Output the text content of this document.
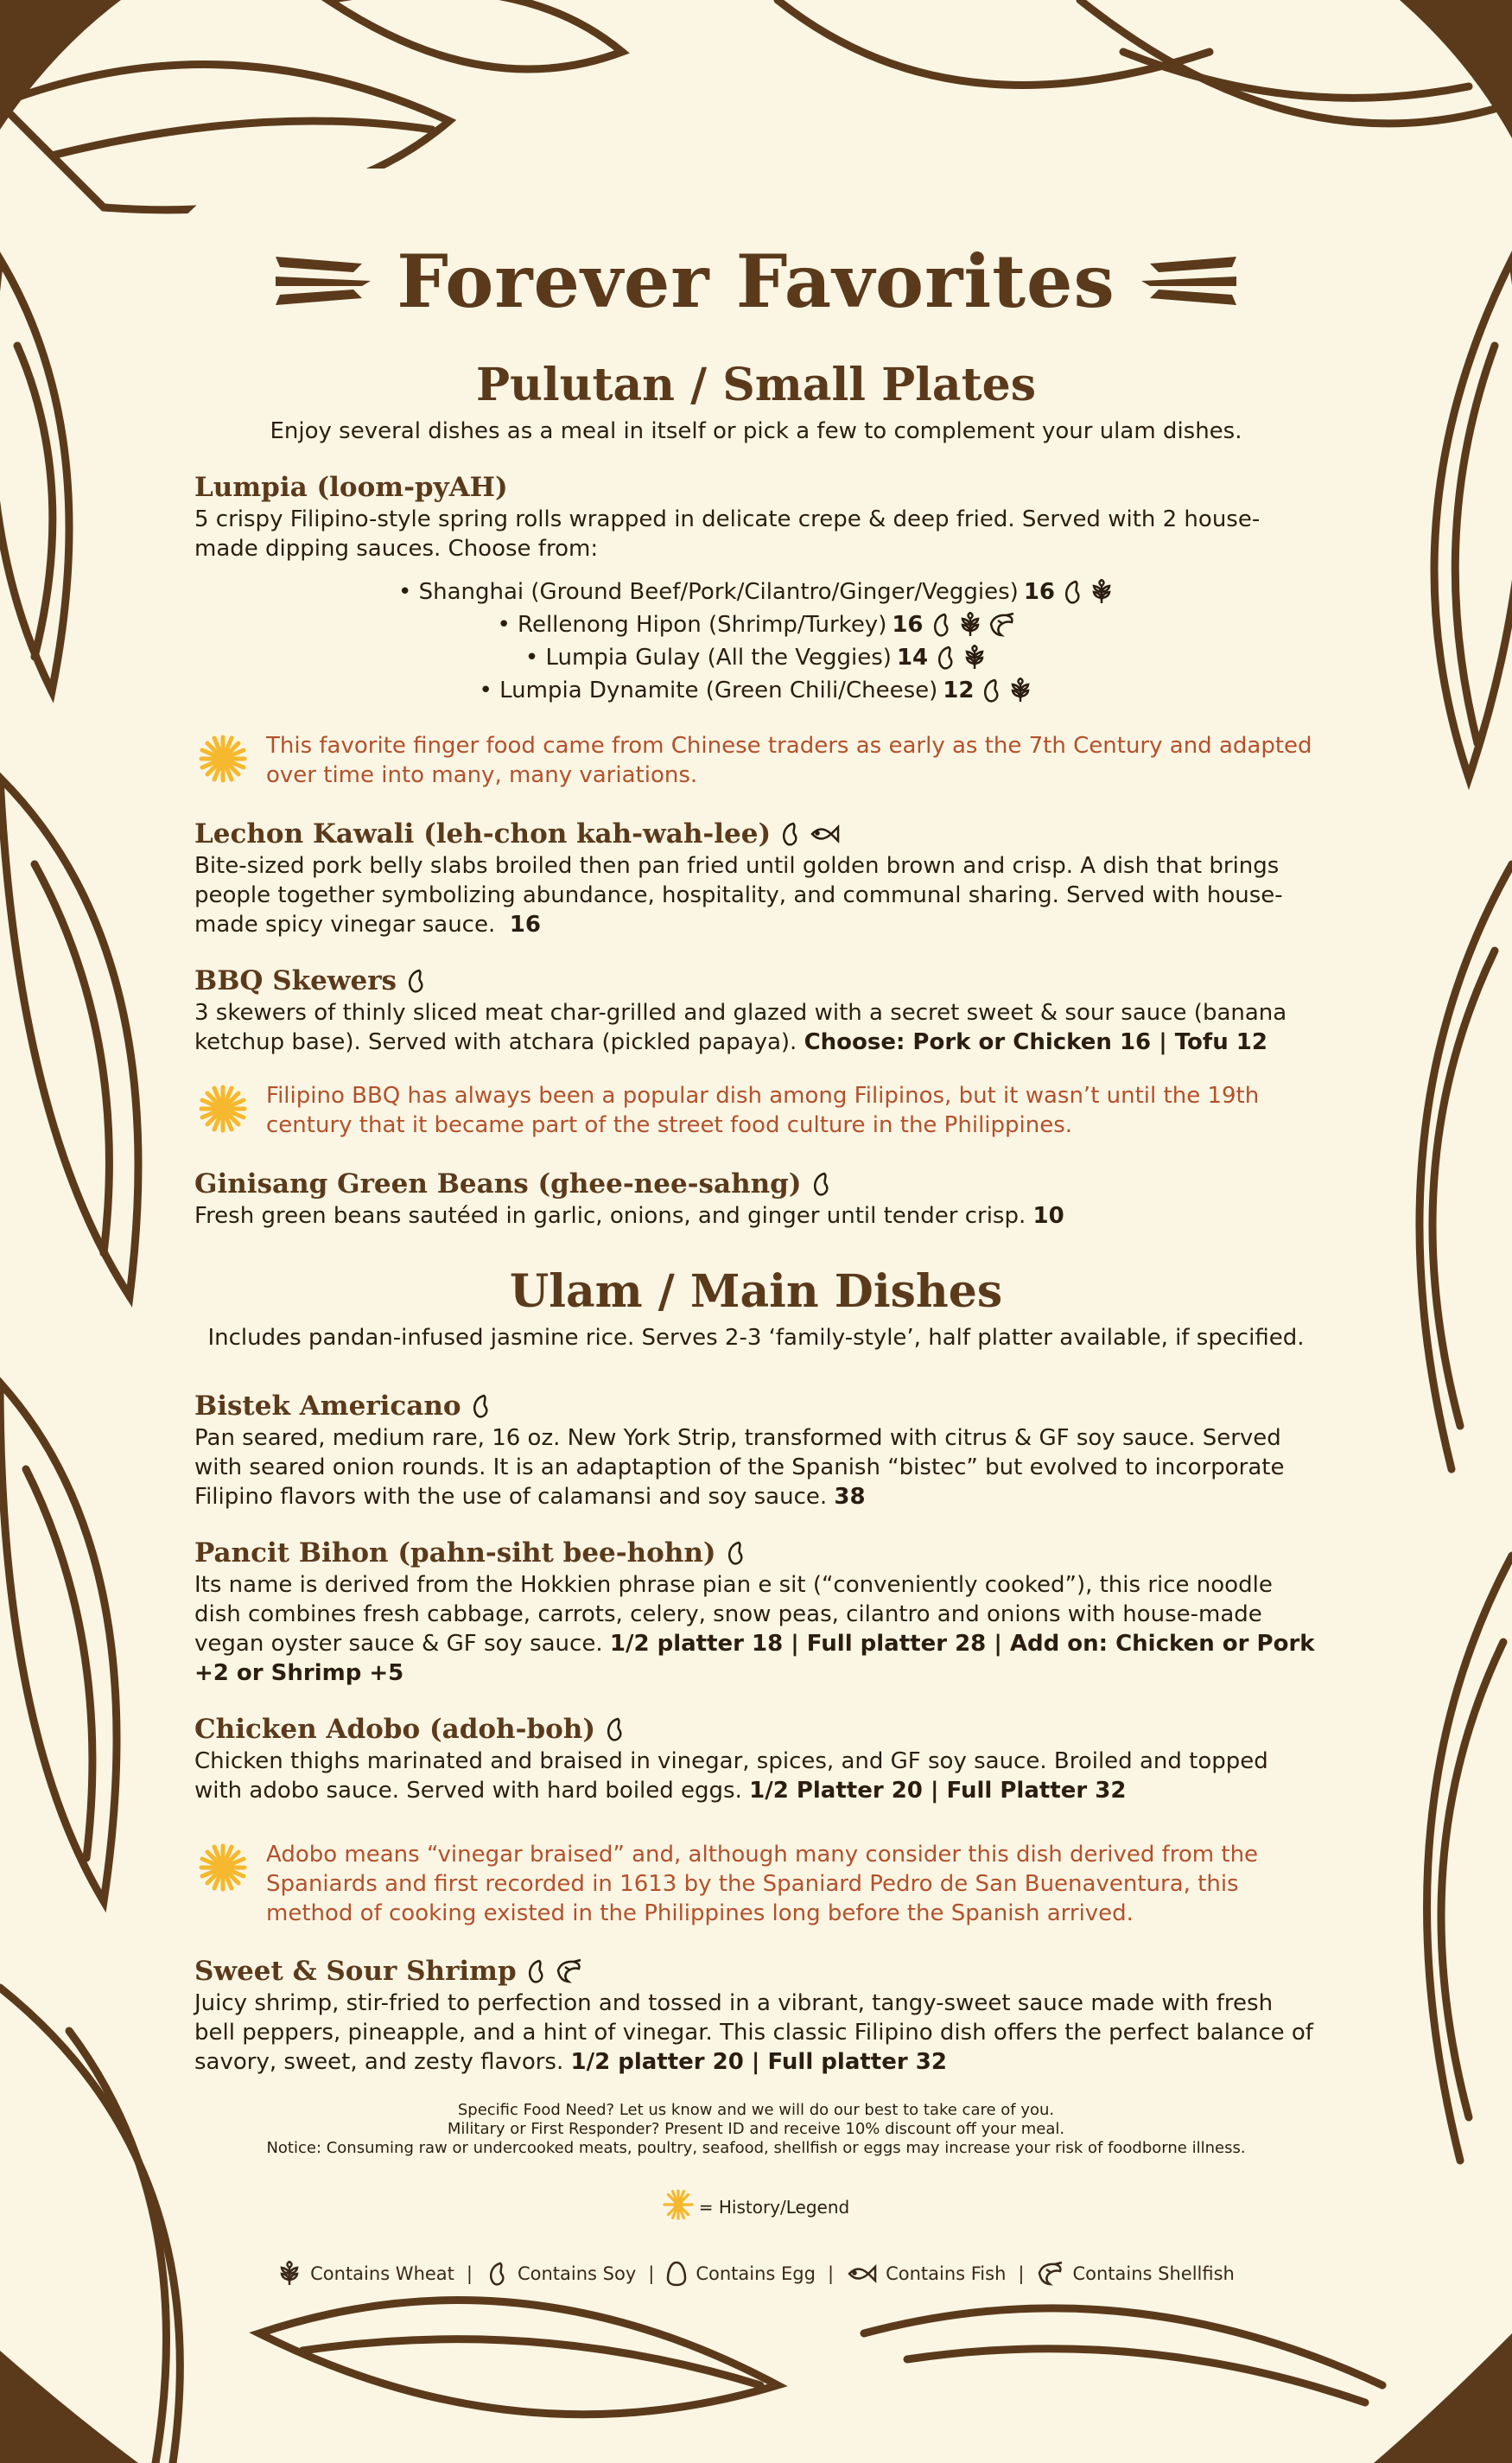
Forever Favorites
Pulutan / Small Plates

Enjoy several dishes as a meal in itself or pick a few to complement your ulam dishes.

Lumpia (loom-pyAH)

5 crispy Filipino-style spring rolls wrapped in delicate crepe & deep fried. Served with 2 house-made dipping sauces. Choose from:

• Shanghai (Ground Beef/Pork/Cilantro/Ginger/Veggies) 16
• Rellenong Hipon (Shrimp/Turkey) 16
• Lumpia Gulay (All the Veggies) 14
• Lumpia Dynamite (Green Chili/Cheese) 12
This favorite finger food came from Chinese traders as early as the 7th Century and adapted over time into many, many variations.
Lechon Kawali (leh-chon kah-wah-lee)

Bite-sized pork belly slabs broiled then pan fried until golden brown and crisp. A dish that brings people together symbolizing abundance, hospitality, and communal sharing. Served with house-made spicy vinegar sauce. 16

BBQ Skewers

3 skewers of thinly sliced meat char-grilled and glazed with a secret sweet & sour sauce (banana ketchup base). Served with atchara (pickled papaya). Choose: Pork or Chicken 16 | Tofu 12

Filipino BBQ has always been a popular dish among Filipinos, but it wasn’t until the 19th century that it became part of the street food culture in the Philippines.
Ginisang Green Beans (ghee-nee-sahng)

Fresh green beans sautéed in garlic, onions, and ginger until tender crisp. 10

Ulam / Main Dishes

Includes pandan-infused jasmine rice. Serves 2-3 ‘family-style’, half platter available, if specified.

Bistek Americano

Pan seared, medium rare, 16 oz. New York Strip, transformed with citrus & GF soy sauce. Served with seared onion rounds. It is an adaptaption of the Spanish “bistec” but evolved to incorporate Filipino flavors with the use of calamansi and soy sauce. 38

Pancit Bihon (pahn-siht bee-hohn)

Its name is derived from the Hokkien phrase pian e sit (“conveniently cooked”), this rice noodle dish combines fresh cabbage, carrots, celery, snow peas, cilantro and onions with house-made vegan oyster sauce & GF soy sauce. 1/2 platter 18 | Full platter 28 | Add on: Chicken or Pork +2 or Shrimp +5

Chicken Adobo (adoh-boh)

Chicken thighs marinated and braised in vinegar, spices, and GF soy sauce. Broiled and topped with adobo sauce. Served with hard boiled eggs. 1/2 Platter 20 | Full Platter 32

Adobo means “vinegar braised” and, although many consider this dish derived from the Spaniards and first recorded in 1613 by the Spaniard Pedro de San Buenaventura, this method of cooking existed in the Philippines long before the Spanish arrived.
Sweet & Sour Shrimp

Juicy shrimp, stir-fried to perfection and tossed in a vibrant, tangy-sweet sauce made with fresh bell peppers, pineapple, and a hint of vinegar. This classic Filipino dish offers the perfect balance of savory, sweet, and zesty flavors. 1/2 platter 20 | Full platter 32

Specific Food Need? Let us know and we will do our best to take care of you.
Military or First Responder? Present ID and receive 10% discount off your meal.
Notice: Consuming raw or undercooked meats, poultry, seafood, shellfish or eggs may increase your risk of foodborne illness.
= History/Legend
Contains Wheat | Contains Soy | Contains Egg |	Contains Fish |	Contains Shellfish
